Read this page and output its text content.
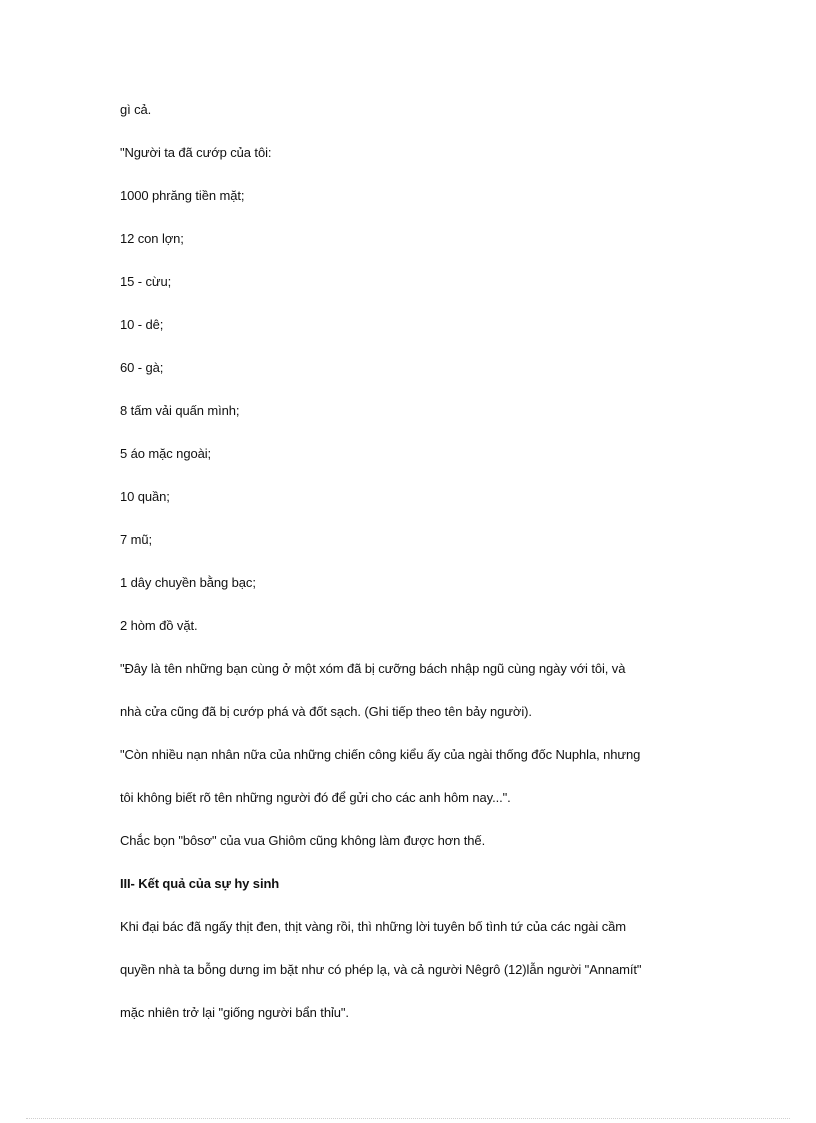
gì cả.
"Người ta đã cướp của tôi:
1000 phrăng tiền mặt;
12 con lợn;
15 - cừu;
10 - dê;
60 - gà;
8 tấm vải quấn mình;
5 áo mặc ngoài;
10 quần;
7 mũ;
1 dây chuyền bằng bạc;
2 hòm đồ vặt.
"Đây là tên những bạn cùng ở một xóm đã bị cưỡng bách nhập ngũ cùng ngày với tôi, và
nhà cửa cũng đã bị cướp phá và đốt sạch. (Ghi tiếp theo tên bảy người).
"Còn nhiều nạn nhân nữa của những chiến công kiểu ấy của ngài thống đốc Nuphla, nhưng
tôi không biết rõ tên những người đó để gửi cho các anh hôm nay...".
Chắc bọn "bôsơ" của vua Ghiôm cũng không làm được hơn thế.
III- Kết quả của sự hy sinh
Khi đại bác đã ngấy thịt đen, thịt vàng rồi, thì những lời tuyên bố tình tứ của các ngài cầm
quyền nhà ta bỗng dưng im bặt như có phép lạ, và cả người Nêgrô (12)lẫn người "Annamít"
mặc nhiên trở lại "giống người bẩn thỉu".
